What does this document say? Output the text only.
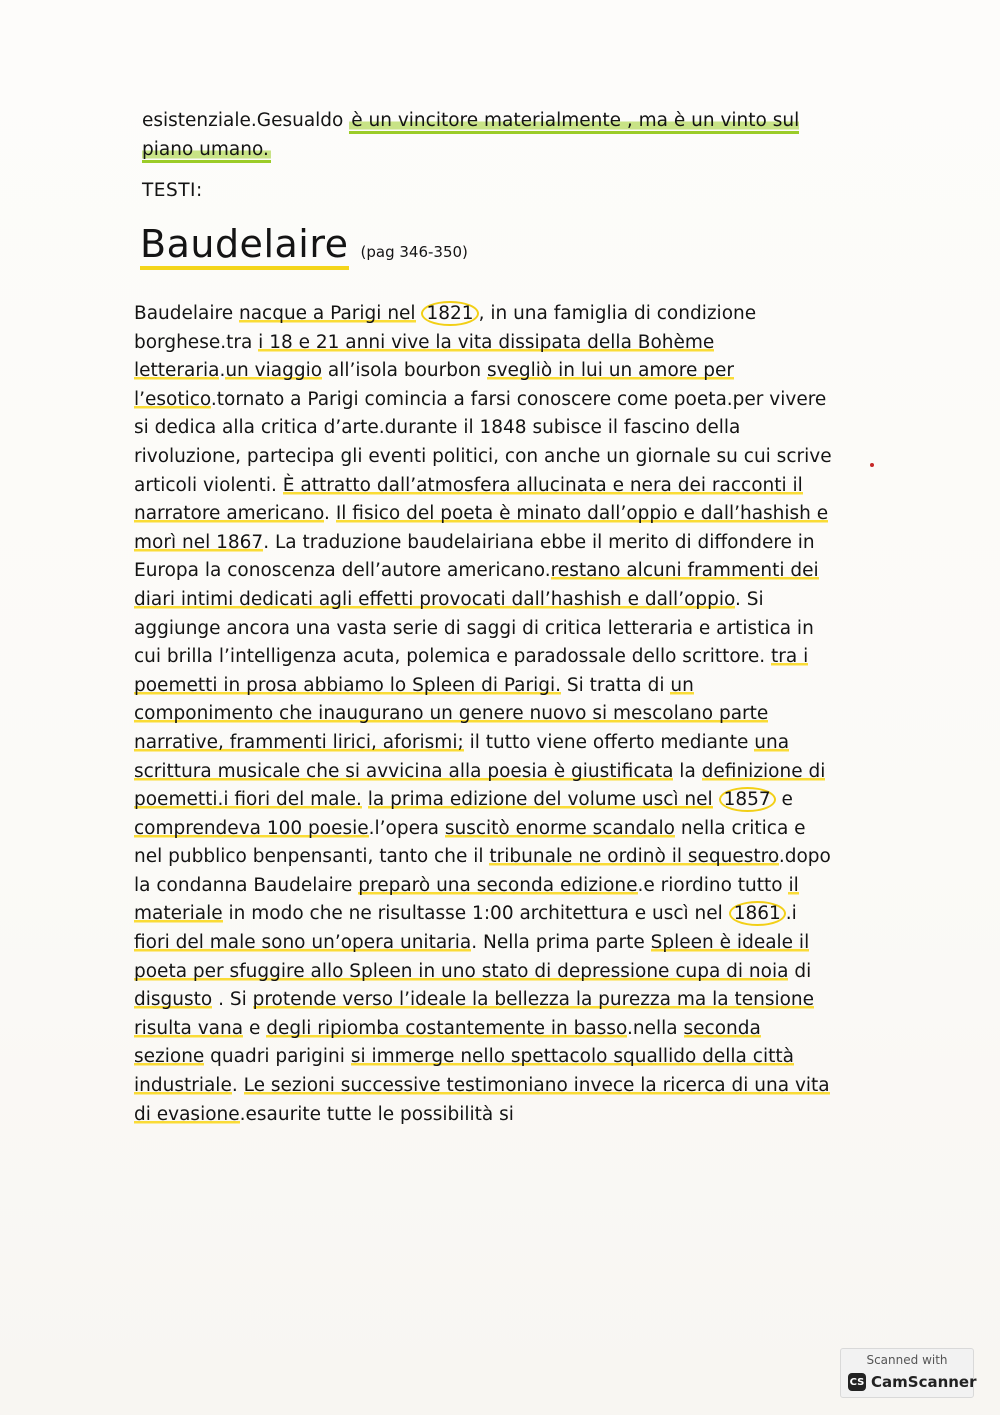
esistenziale.Gesualdo è un vincitore materialmente , ma è un vinto sul piano umano.
TESTI:
Baudelaire (pag 346-350)

Baudelaire nacque a Parigi nel 1821 , in una famiglia di condizione borghese.tra i 18 e 21 anni vive la vita dissipata della Bohème letteraria.un viaggio all’isola bourbon svegliò in lui un amore per l’esotico.tornato a Parigi comincia a farsi conoscere come poeta.per vivere si dedica alla critica d’arte.durante il 1848 subisce il fascino della rivoluzione, partecipa gli eventi politici, con anche un giornale su cui scrive articoli violenti. È attratto dall’atmosfera allucinata e nera dei racconti il narratore americano. Il fisico del poeta è minato dall’oppio e dall’hashish e morì nel 1867. La traduzione baudelairiana ebbe il merito di diffondere in Europa la conoscenza dell’autore americano.restano alcuni frammenti dei diari intimi dedicati agli effetti provocati dall’hashish e dall’oppio. Si aggiunge ancora una vasta serie di saggi di critica letteraria e artistica in cui brilla l’intelligenza acuta, polemica e paradossale dello scrittore. tra i poemetti in prosa abbiamo lo Spleen di Parigi. Si tratta di un componimento che inaugurano un genere nuovo si mescolano parte narrative, frammenti lirici, aforismi; il tutto viene offerto mediante una scrittura musicale che si avvicina alla poesia è giustificata la definizione di poemetti.i fiori del male. la prima edizione del volume uscì nel 1857 e comprendeva 100 poesie.l’opera suscitò enorme scandalo nella critica e nel pubblico benpensanti, tanto che il tribunale ne ordinò il sequestro.dopo la condanna Baudelaire preparò una seconda edizione.e riordino tutto il materiale in modo che ne risultasse 1:00 architettura e uscì nel 1861 .i fiori del male sono un’opera unitaria. Nella prima parte Spleen è ideale il poeta per sfuggire allo Spleen in uno stato di depressione cupa di noia di disgusto . Si protende verso l’ideale la bellezza la purezza ma la tensione risulta vana e degli ripiomba costantemente in basso.nella seconda sezione quadri parigini si immerge nello spettacolo squallido della città industriale. Le sezioni successive testimoniano invece la ricerca di una vita di evasione.esaurite tutte le possibilità si

Scanned with
CS CamScanner
